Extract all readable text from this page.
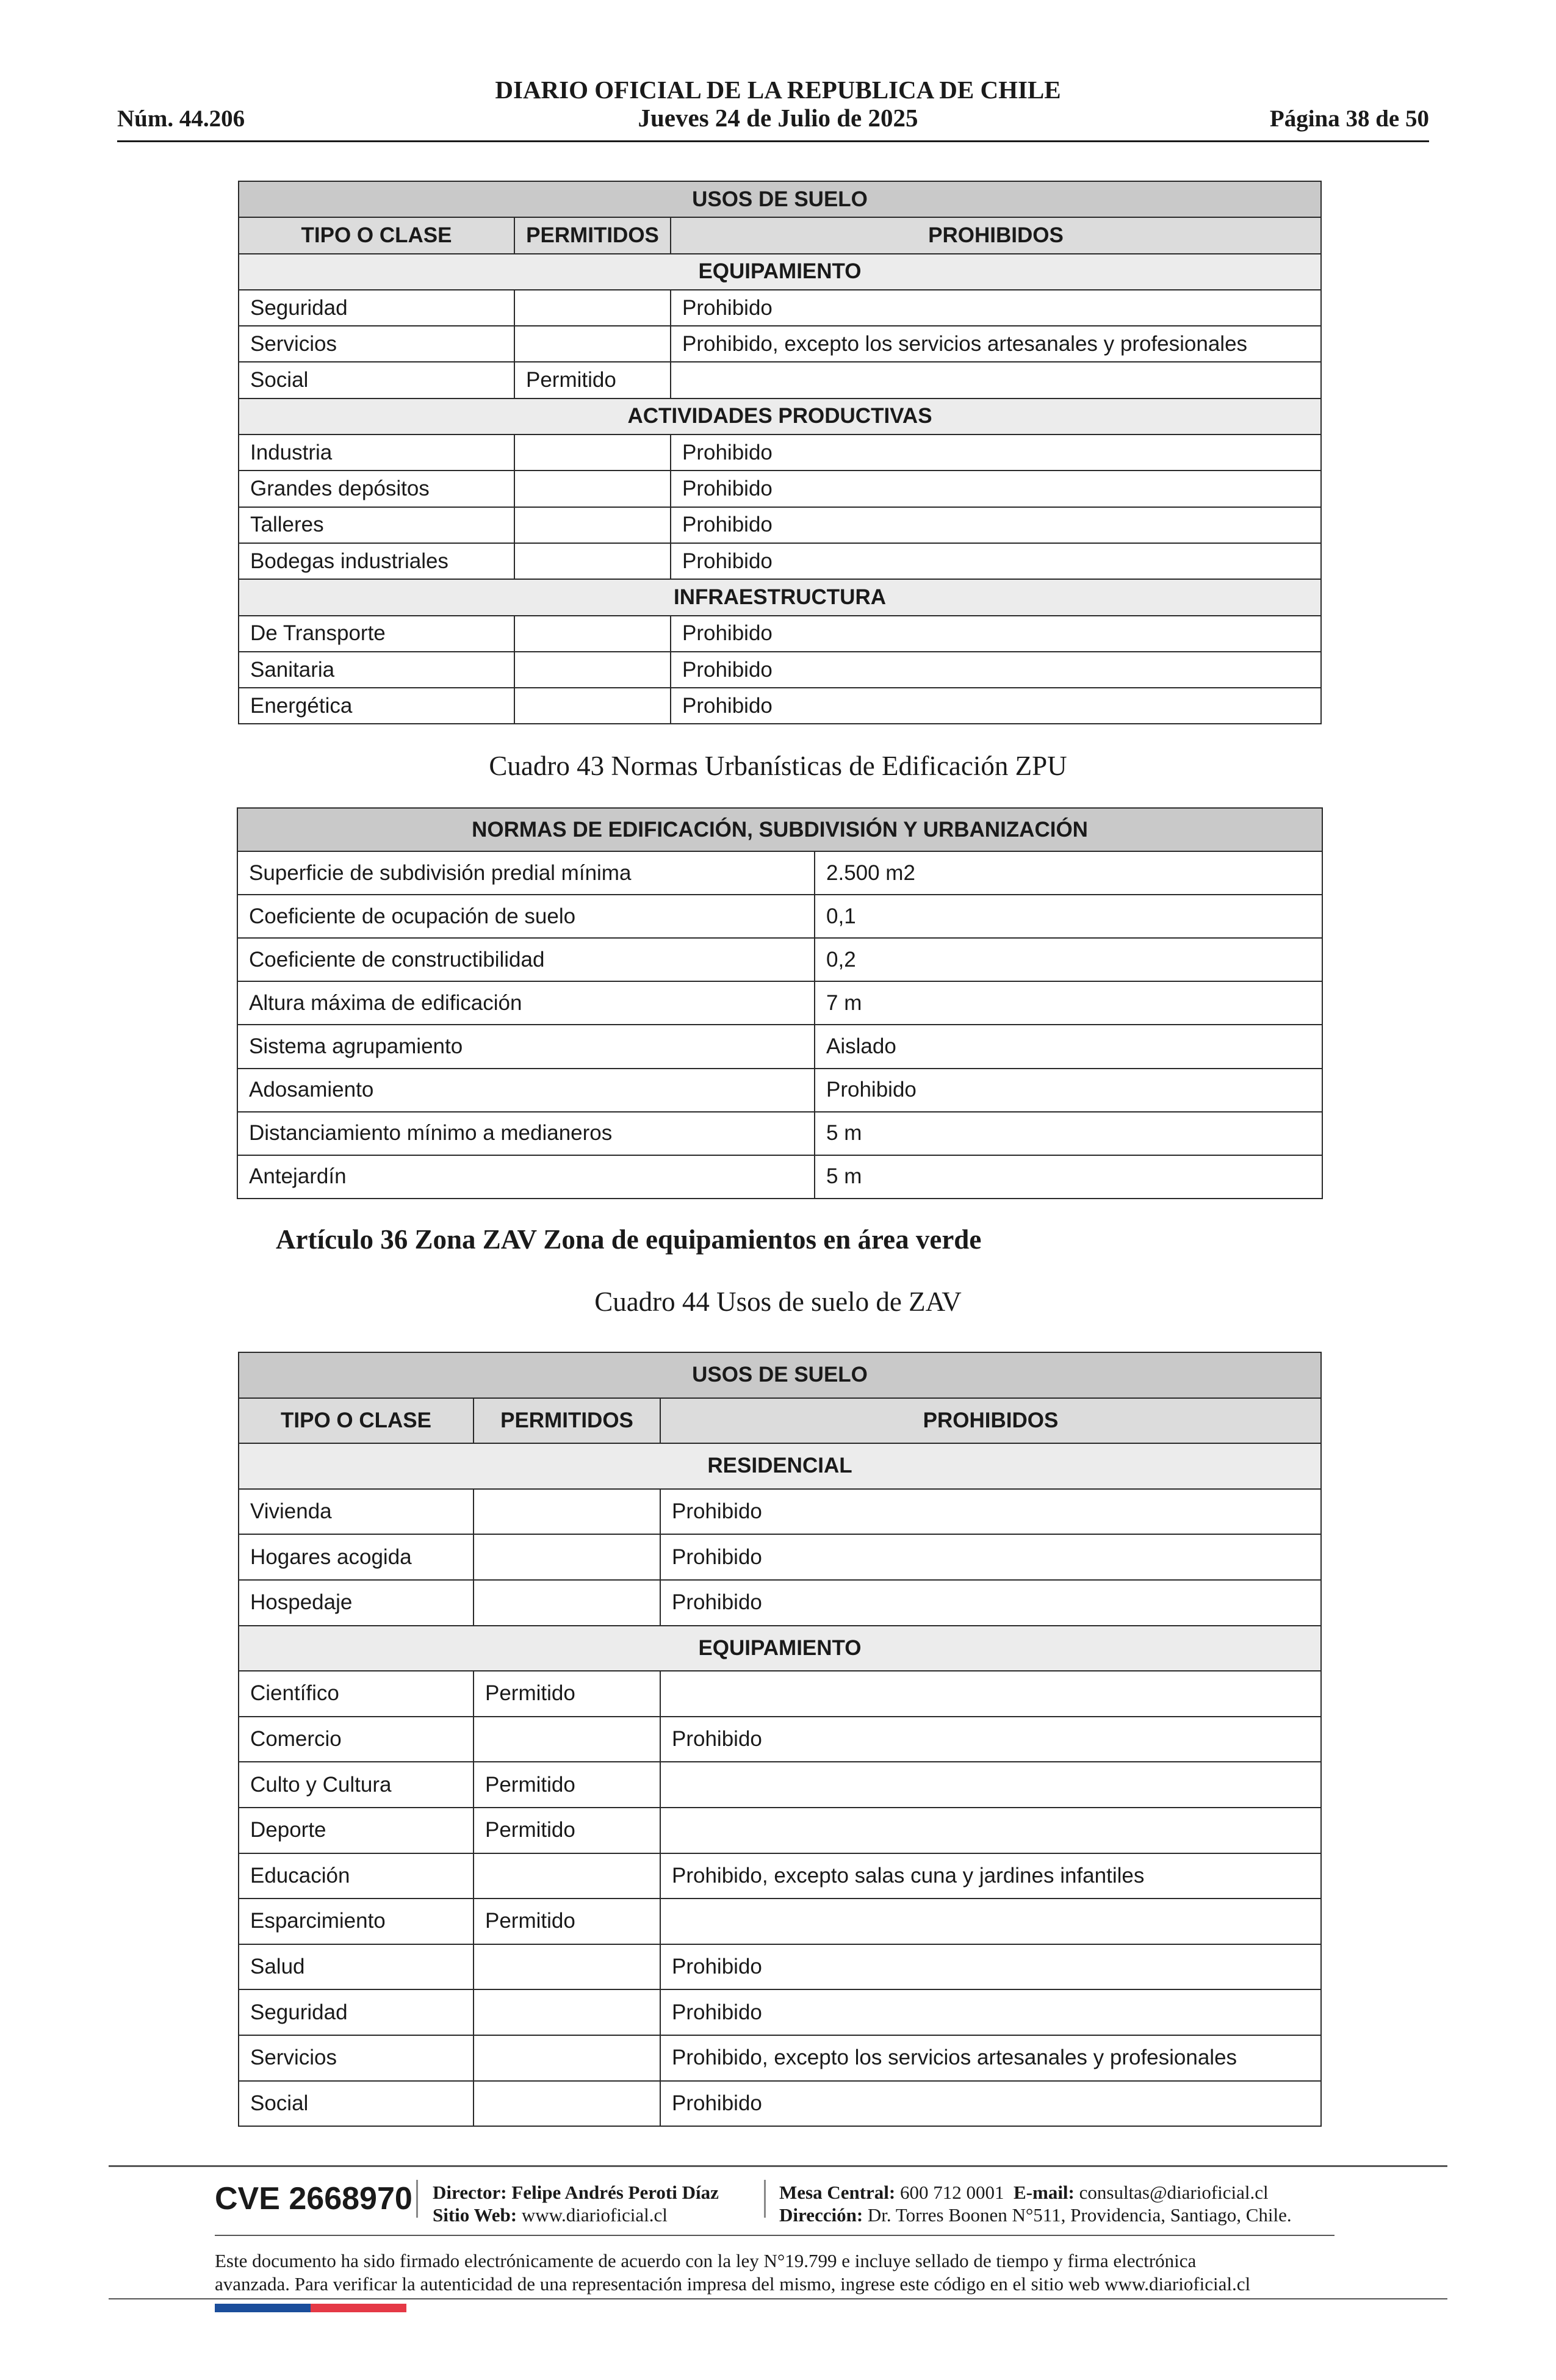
Núm. 44.206
DIARIO OFICIAL DE LA REPUBLICA DE CHILE
Jueves 24 de Julio de 2025	Página 38 de 50
USOS DE SUELO		
TIPO O CLASE	PERMITIDOS	PROHIBIDOS
EQUIPAMIENTO		
Seguridad		Prohibido
Servicios		Prohibido, excepto los servicios artesanales y profesionales
Social	Permitido	
ACTIVIDADES PRODUCTIVAS		
Industria		Prohibido
Grandes depósitos		Prohibido
Talleres		Prohibido
Bodegas industriales		Prohibido
INFRAESTRUCTURA		
De Transporte		Prohibido
Sanitaria		Prohibido
Energética		Prohibido
Cuadro 43 Normas Urbanísticas de Edificación ZPU
NORMAS DE EDIFICACIÓN, SUBDIVISIÓN Y URBANIZACIÓN	
Superficie de subdivisión predial mínima	2.500 m2
Coeficiente de ocupación de suelo	0,1
Coeficiente de constructibilidad	0,2
Altura máxima de edificación	7 m
Sistema agrupamiento	Aislado
Adosamiento	Prohibido
Distanciamiento mínimo a medianeros	5 m
Antejardín	5 m
Artículo 36 Zona ZAV Zona de equipamientos en área verde
Cuadro 44 Usos de suelo de ZAV
USOS DE SUELO		
TIPO O CLASE	PERMITIDOS	PROHIBIDOS
RESIDENCIAL		
Vivienda		Prohibido
Hogares acogida		Prohibido
Hospedaje		Prohibido
EQUIPAMIENTO		
Científico	Permitido	
Comercio		Prohibido
Culto y Cultura	Permitido	
Deporte	Permitido	
Educación		Prohibido, excepto salas cuna y jardines infantiles
Esparcimiento	Permitido	
Salud		Prohibido
Seguridad		Prohibido
Servicios		Prohibido, excepto los servicios artesanales y profesionales
Social		Prohibido
CVE 2668970 Director: Felipe Andrés Peroti Díaz
Sitio Web: www.diarioficial.cl
Mesa Central: 600 712 0001 E-mail: consultas@diarioficial.cl
Dirección: Dr. Torres Boonen N°511, Providencia, Santiago, Chile.
Este documento ha sido firmado electrónicamente de acuerdo con la ley N°19.799 e incluye sellado de tiempo y firma electrónica
avanzada. Para verificar la autenticidad de una representación impresa del mismo, ingrese este código en el sitio web www.diarioficial.cl
